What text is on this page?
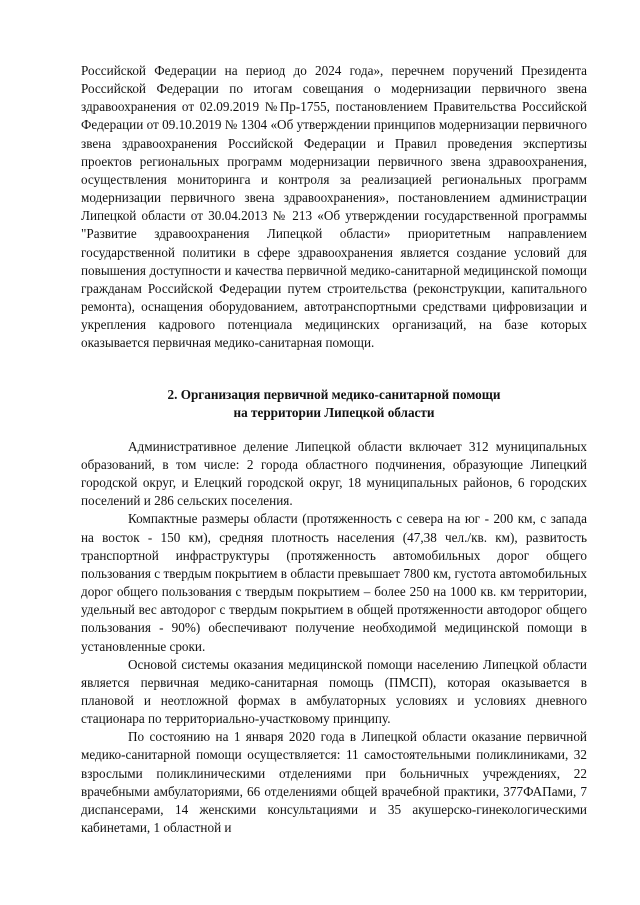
Российской Федерации на период до 2024 года», перечнем поручений Президента Российской Федерации по итогам совещания о модернизации первичного звена здравоохранения от 02.09.2019 №Пр-1755, постановлением Правительства Российской Федерации от 09.10.2019 № 1304 «Об утверждении принципов модернизации первичного звена здравоохранения Российской Федерации и Правил проведения экспертизы проектов региональных программ модернизации первичного звена здравоохранения, осуществления мониторинга и контроля за реализацией региональных программ модернизации первичного звена здравоохранения», постановлением администрации Липецкой области от 30.04.2013 № 213 «Об утверждении государственной программы "Развитие здравоохранения Липецкой области» приоритетным направлением государственной политики в сфере здравоохранения является создание условий для повышения доступности и качества первичной медико-санитарной медицинской помощи гражданам Российской Федерации путем строительства (реконструкции, капитального ремонта), оснащения оборудованием, автотранспортными средствами цифровизации и укрепления кадрового потенциала медицинских организаций, на базе которых оказывается первичная медико-санитарная помощи.

2. Организация первичной медико-санитарной помощи
на территории Липецкой области

Административное деление Липецкой области включает 312 муниципальных образований, в том числе: 2 города областного подчинения, образующие Липецкий городской округ, и Елецкий городской округ, 18 муниципальных районов, 6 городских поселений и 286 сельских поселения.

Компактные размеры области (протяженность с севера на юг - 200 км, с запада на восток - 150 км), средняя плотность населения (47,38 чел./кв. км), развитость транспортной инфраструктуры (протяженность автомобильных дорог общего пользования с твердым покрытием в области превышает 7800 км, густота автомобильных дорог общего пользования с твердым покрытием – более 250 на 1000 кв. км территории, удельный вес автодорог с твердым покрытием в общей протяженности автодорог общего пользования - 90%) обеспечивают получение необходимой медицинской помощи в установленные сроки.

Основой системы оказания медицинской помощи населению Липецкой области является первичная медико-санитарная помощь (ПМСП), которая оказывается в плановой и неотложной формах в амбулаторных условиях и условиях дневного стационара по территориально-участковому принципу.

По состоянию на 1 января 2020 года в Липецкой области оказание первичной медико-санитарной помощи осуществляется: 11 самостоятельными поликлиниками, 32 взрослыми поликлиническими отделениями при больничных учреждениях, 22 врачебными амбулаториями, 66 отделениями общей врачебной практики, 377ФАПами, 7 диспансерами, 14 женскими консультациями и 35 акушерско-гинекологическими кабинетами, 1 областной и
